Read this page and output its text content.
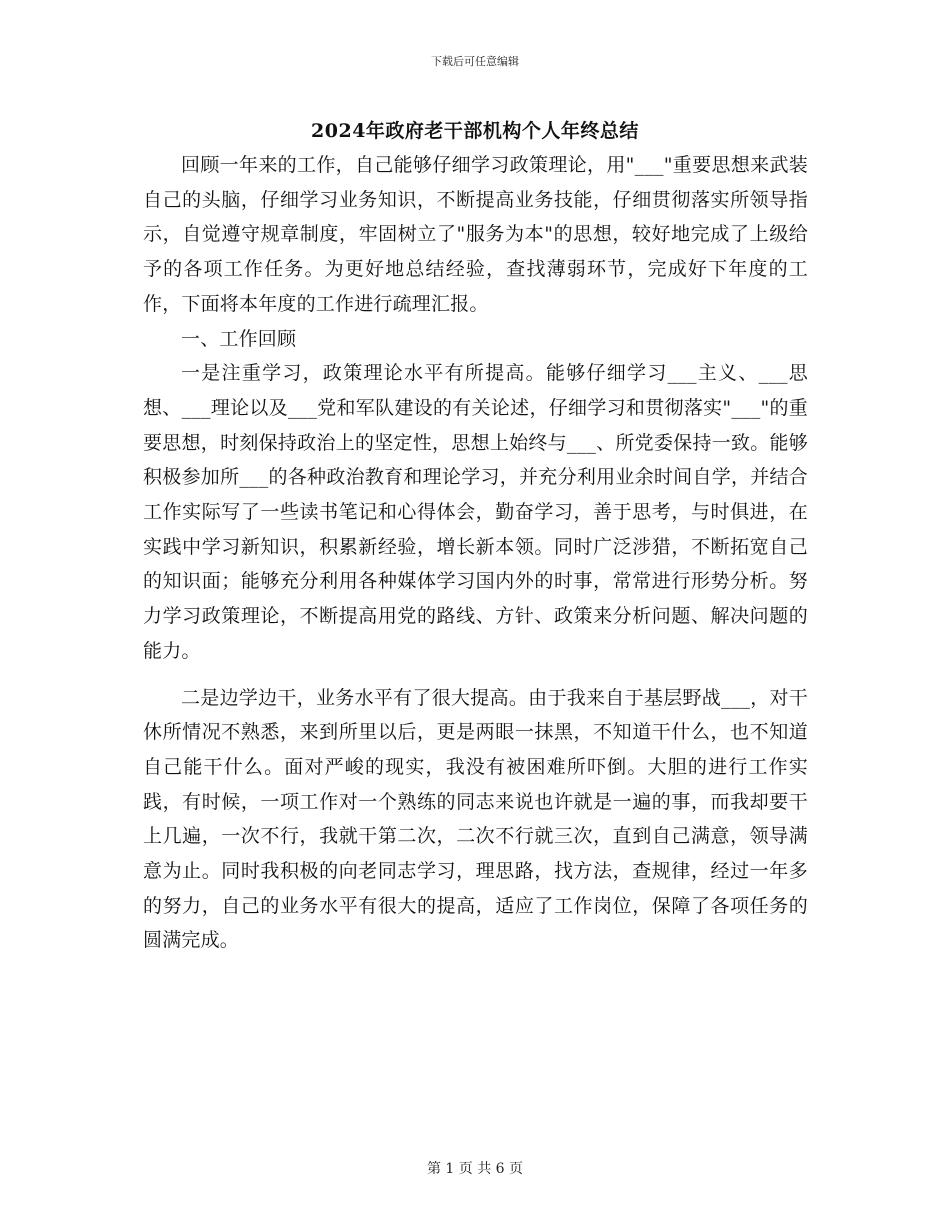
下载后可任意编辑
2024年政府老干部机构个人年终总结

回顾一年来的工作，自己能够仔细学习政策理论，用"___"重要思想来武装自己的头脑，仔细学习业务知识，不断提高业务技能，仔细贯彻落实所领导指示，自觉遵守规章制度，牢固树立了"服务为本"的思想，较好地完成了上级给予的各项工作任务。为更好地总结经验，查找薄弱环节，完成好下年度的工作，下面将本年度的工作进行疏理汇报。

一、工作回顾

一是注重学习，政策理论水平有所提高。能够仔细学习___主义、___思想、___理论以及___党和军队建设的有关论述，仔细学习和贯彻落实"___"的重要思想，时刻保持政治上的坚定性，思想上始终与___、所党委保持一致。能够积极参加所___的各种政治教育和理论学习，并充分利用业余时间自学，并结合工作实际写了一些读书笔记和心得体会，勤奋学习，善于思考，与时俱进，在实践中学习新知识，积累新经验，增长新本领。同时广泛涉猎，不断拓宽自己的知识面；能够充分利用各种媒体学习国内外的时事，常常进行形势分析。努力学习政策理论，不断提高用党的路线、方针、政策来分析问题、解决问题的能力。

二是边学边干，业务水平有了很大提高。由于我来自于基层野战___，对干休所情况不熟悉，来到所里以后，更是两眼一抹黑，不知道干什么，也不知道自己能干什么。面对严峻的现实，我没有被困难所吓倒。大胆的进行工作实践，有时候，一项工作对一个熟练的同志来说也许就是一遍的事，而我却要干上几遍，一次不行，我就干第二次，二次不行就三次，直到自己满意，领导满意为止。同时我积极的向老同志学习，理思路，找方法，查规律，经过一年多的努力，自己的业务水平有很大的提高，适应了工作岗位，保障了各项任务的圆满完成。

第 1 页 共 6 页
